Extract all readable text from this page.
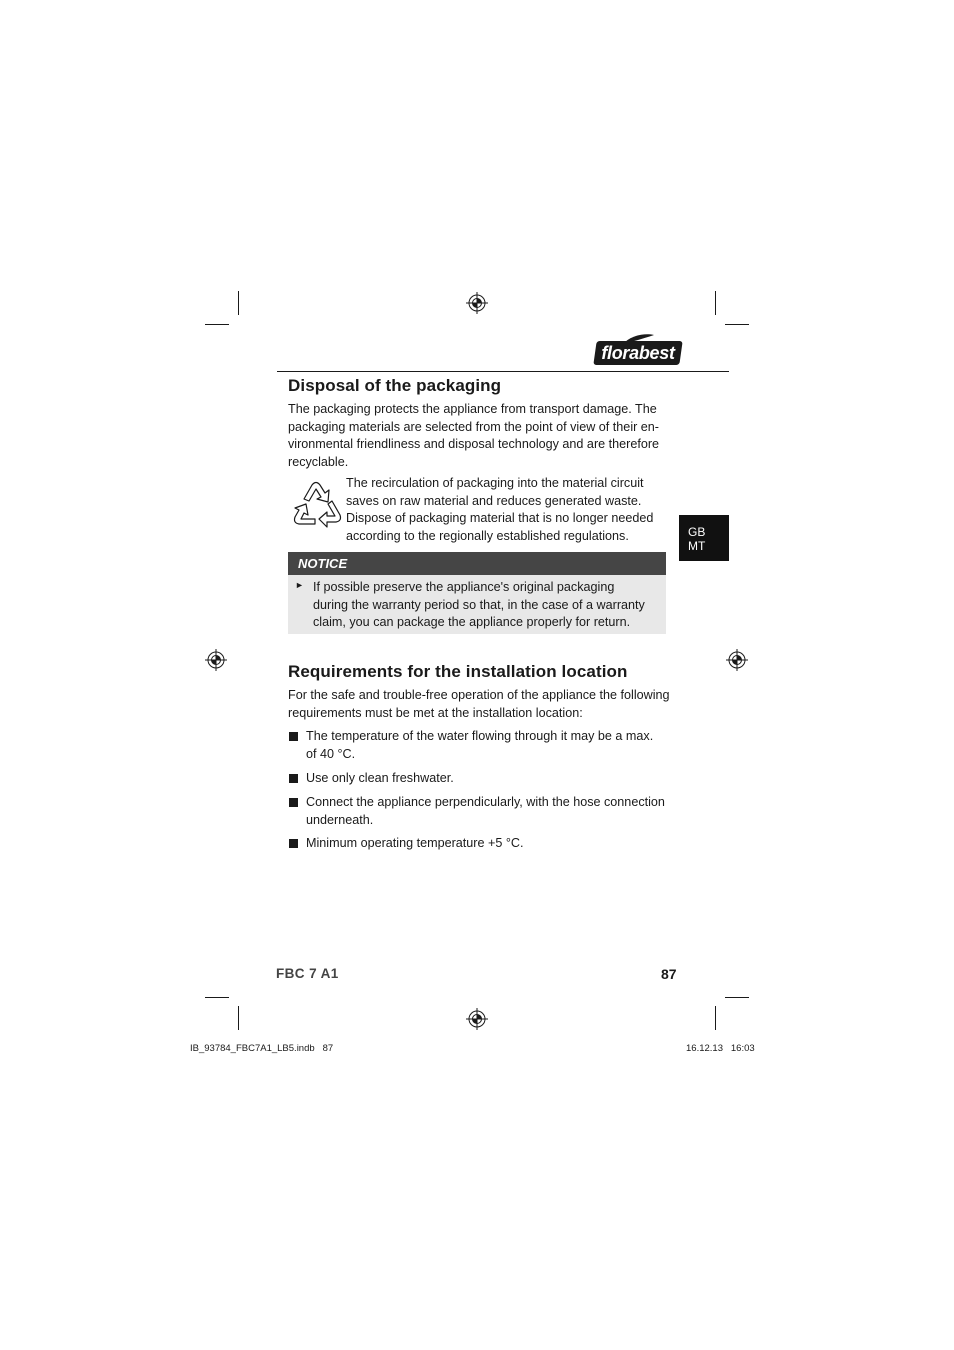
florabest
GB
MT
Disposal of the packaging
The packaging protects the appliance from transport damage. The
packaging materials are selected from the point of view of their en-
vironmental friendliness and disposal technology and are therefore
recyclable.
The recirculation of packaging into the material circuit
saves on raw material and reduces generated waste.
Dispose of packaging material that is no longer needed
according to the regionally established regulations.
NOTICE
► If possible preserve the appliance's original packaging
during the warranty period so that, in the case of a warranty
claim, you can package the appliance properly for return.
Requirements for the installation location
For the safe and trouble-free operation of the appliance the following
requirements must be met at the installation location:
The temperature of the water flowing through it may be a max.
of 40 °C.
Use only clean freshwater.
Connect the appliance perpendicularly, with the hose connection
underneath.
Minimum operating temperature +5 °C.
FBC 7 A1	87
IB_93784_FBC7A1_LB5.indb   87	16.12.13   16:03
